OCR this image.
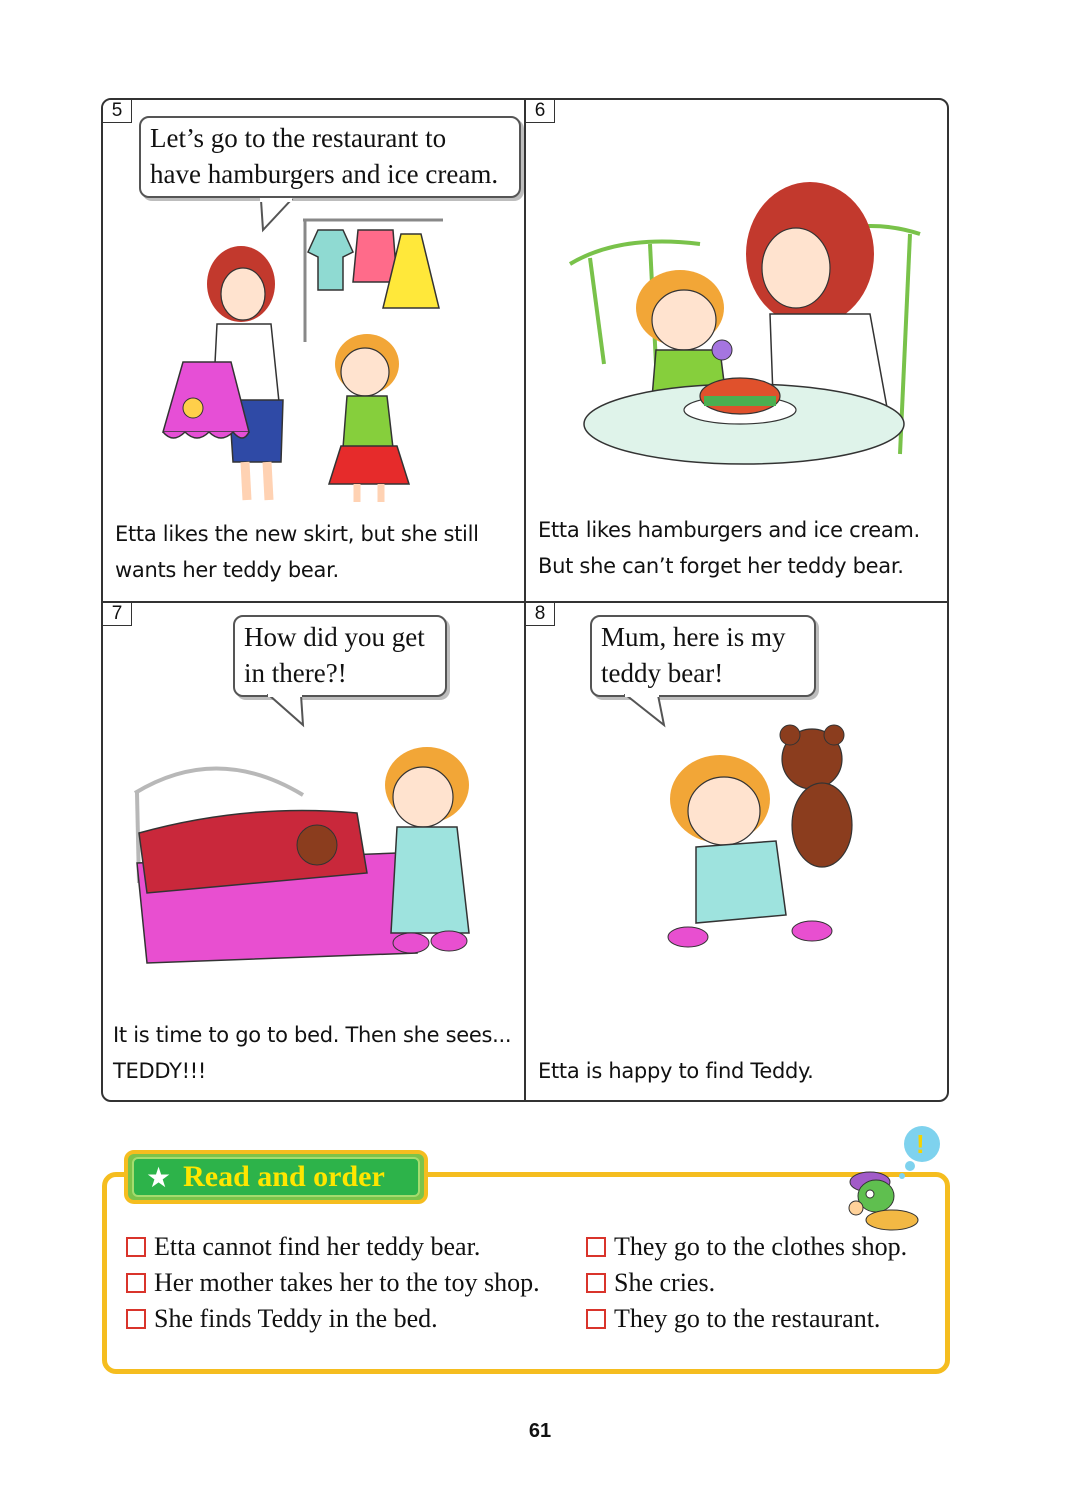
5
Let’s go to the restaurant to
have hamburgers and ice cream.
Etta likes the new skirt, but she still
wants her teddy bear.
6
Etta likes hamburgers and ice cream.
But she can’t forget her teddy bear.
7
How did you get
in there?!
It is time to go to bed. Then she sees...
TEDDY!!!
8
Mum, here is my
teddy bear!
Etta is happy to find Teddy.
★ Read and order
!
Etta cannot find her teddy bear.	They go to the clothes shop.
Her mother takes her to the toy shop.	She cries.
She finds Teddy in the bed.	They go to the restaurant.
61
